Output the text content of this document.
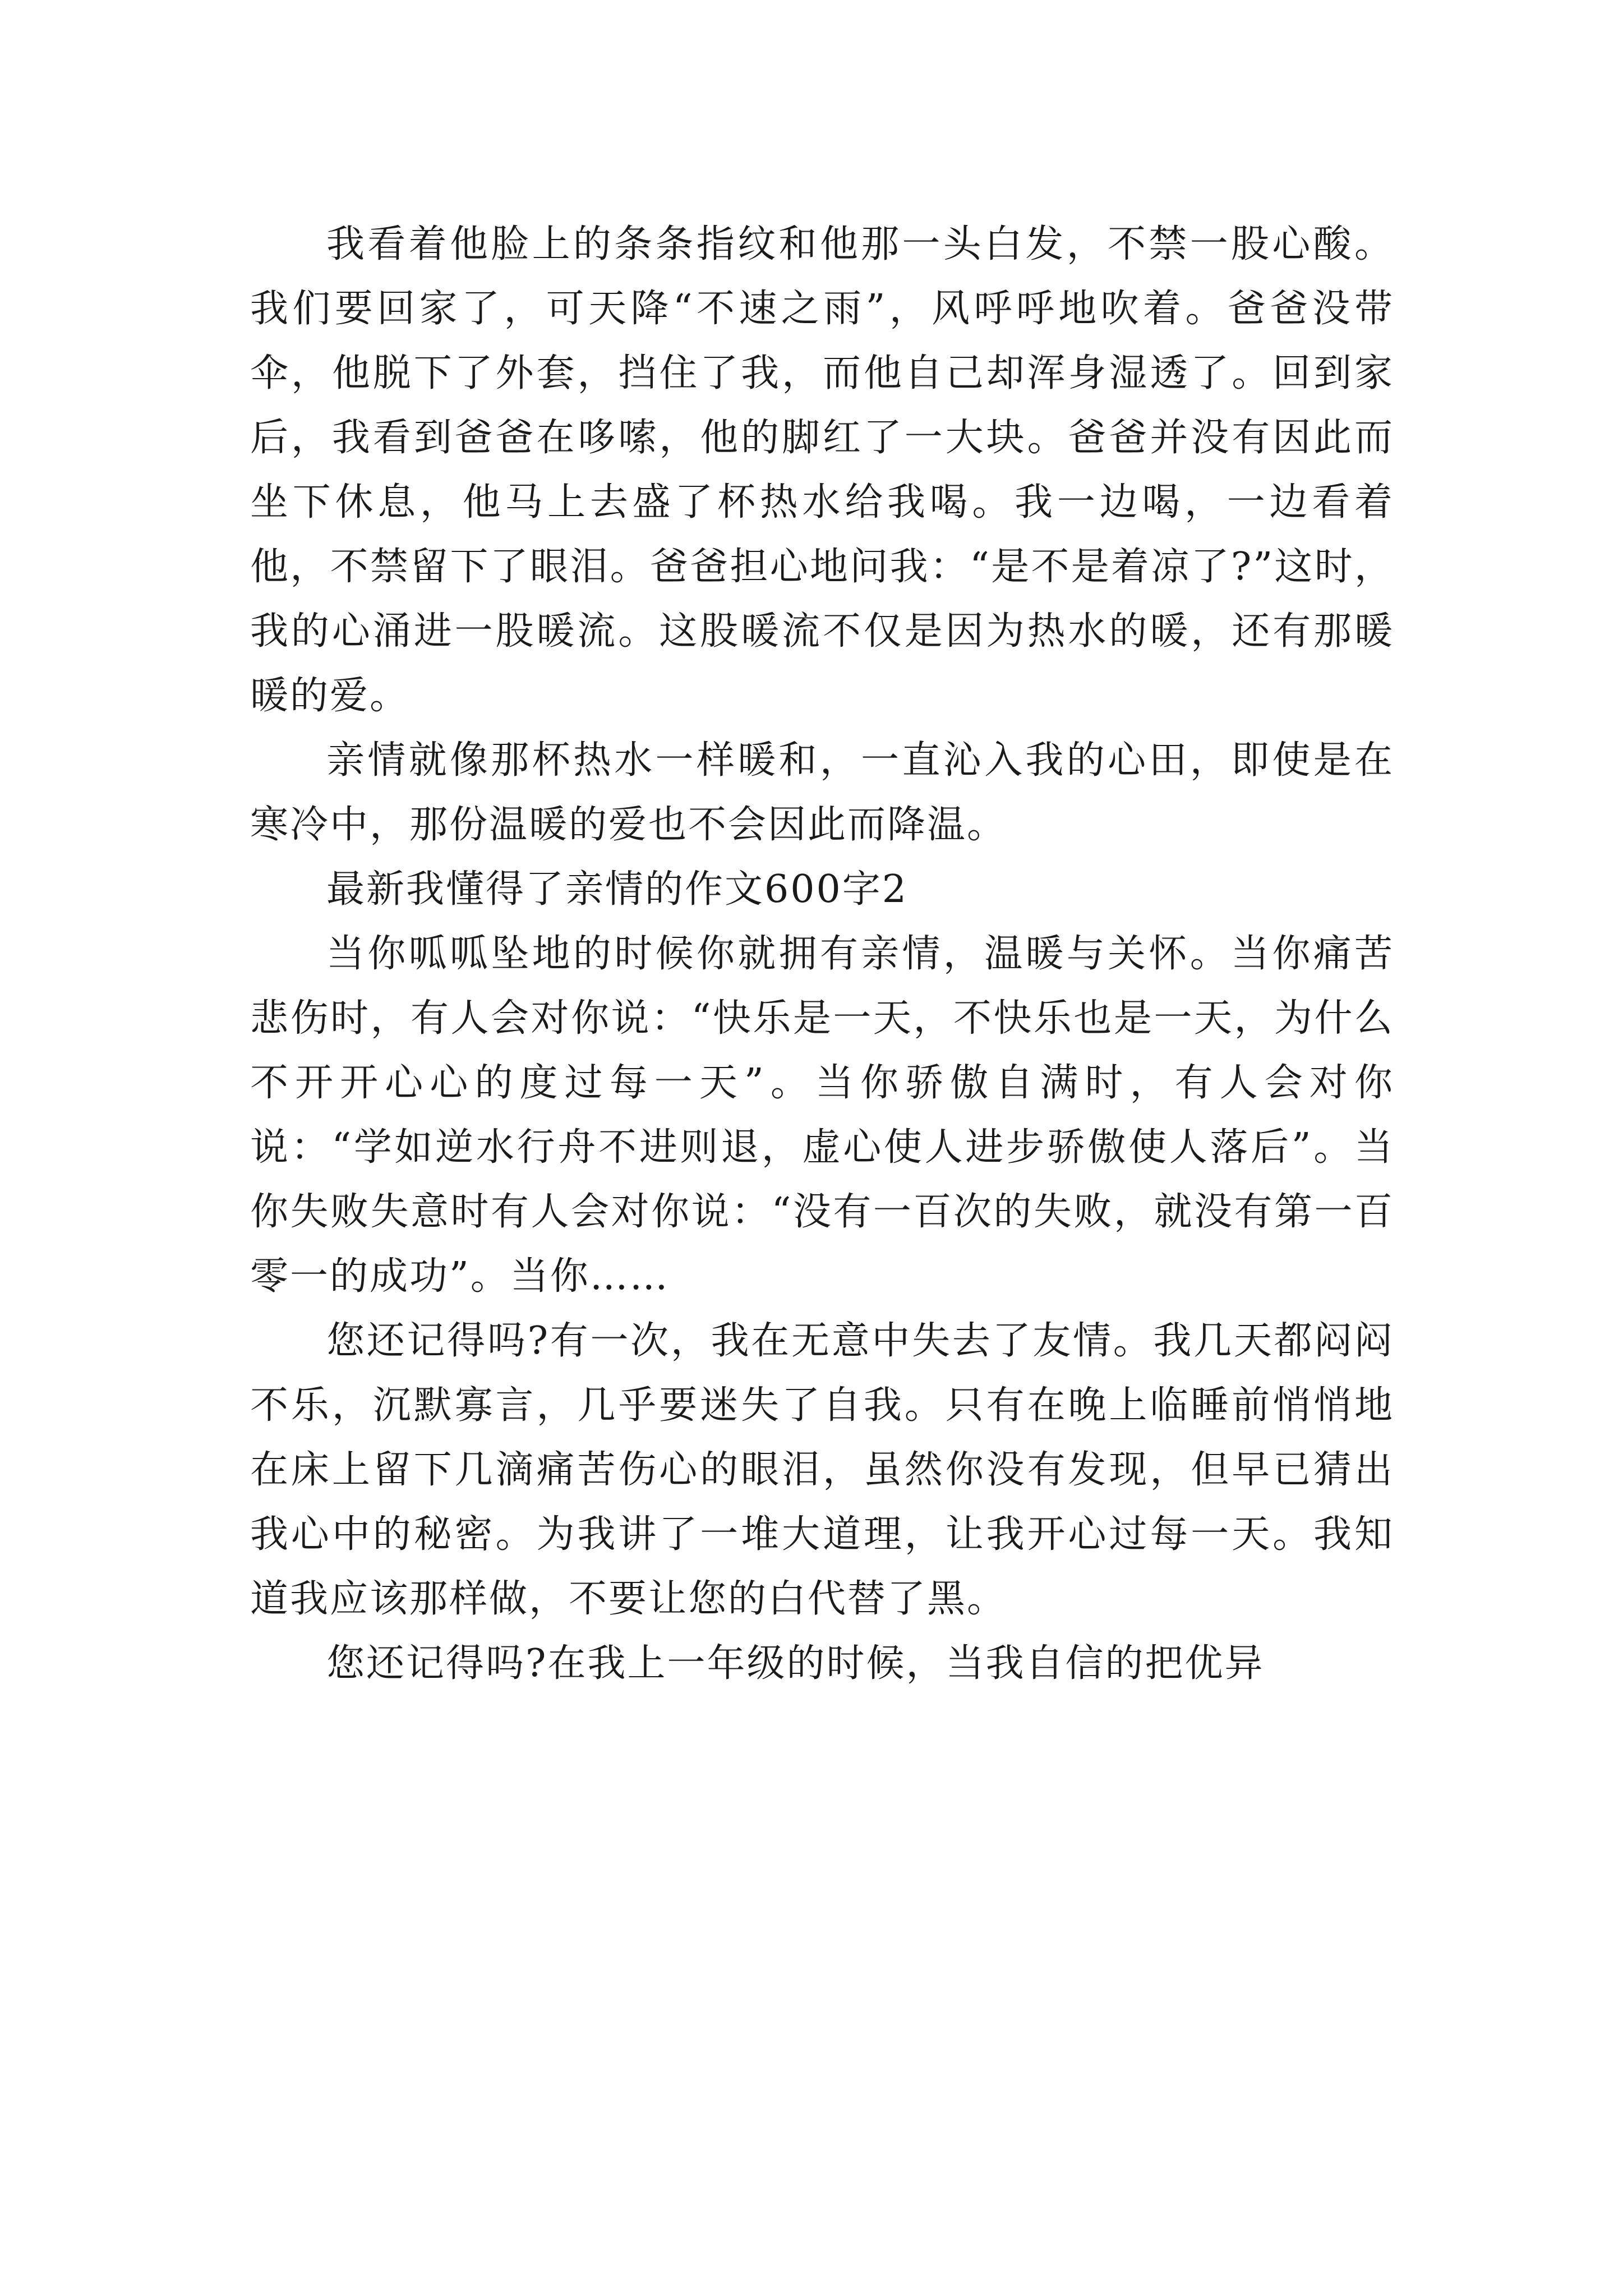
我看着他脸上的条条指纹和他那一头白发，不禁一股心酸。我们要回家了，可天降“不速之雨”，风呼呼地吹着。爸爸没带伞，他脱下了外套，挡住了我，而他自己却浑身湿透了。回到家后，我看到爸爸在哆嗦，他的脚红了一大块。爸爸并没有因此而坐下休息，他马上去盛了杯热水给我喝。我一边喝，一边看着他，不禁留下了眼泪。爸爸担心地问我：“是不是着凉了?”这时，我的心涌进一股暖流。这股暖流不仅是因为热水的暖，还有那暖暖的爱。

亲情就像那杯热水一样暖和，一直沁入我的心田，即使是在寒冷中，那份温暖的爱也不会因此而降温。

最新我懂得了亲情的作文600字2

当你呱呱坠地的时候你就拥有亲情，温暖与关怀。当你痛苦悲伤时，有人会对你说：“快乐是一天，不快乐也是一天，为什么不开开心心的度过每一天”。当你骄傲自满时，有人会对你说：“学如逆水行舟不进则退，虚心使人进步骄傲使人落后”。当你失败失意时有人会对你说：“没有一百次的失败，就没有第一百零一的成功”。当你……

您还记得吗?有一次，我在无意中失去了友情。我几天都闷闷不乐，沉默寡言，几乎要迷失了自我。只有在晚上临睡前悄悄地在床上留下几滴痛苦伤心的眼泪，虽然你没有发现，但早已猜出我心中的秘密。为我讲了一堆大道理，让我开心过每一天。我知道我应该那样做，不要让您的白代替了黑。

您还记得吗?在我上一年级的时候，当我自信的把优异
